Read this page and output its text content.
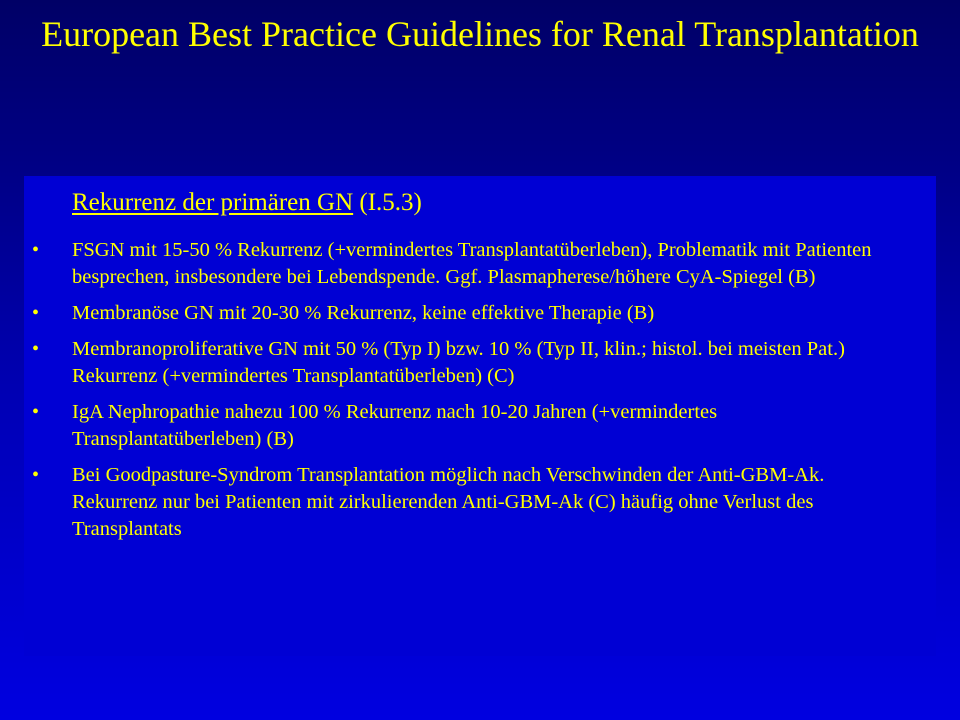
European Best Practice Guidelines for Renal Transplantation

Rekurrenz der primären GN (I.5.3)

•	FSGN mit 15-50 % Rekurrenz (+vermindertes Transplantatüberleben), Problematik mit Patienten besprechen, insbesondere bei Lebendspende. Ggf. Plasmapherese/höhere CyA-Spiegel (B)
•	Membranöse GN mit 20-30 % Rekurrenz, keine effektive Therapie (B)
•	Membranoproliferative GN mit 50 % (Typ I) bzw. 10 % (Typ II, klin.; histol. bei meisten Pat.) Rekurrenz (+vermindertes Transplantatüberleben) (C)
•	IgA Nephropathie nahezu 100 % Rekurrenz nach 10-20 Jahren (+vermindertes Transplantatüberleben) (B)
•	Bei Goodpasture-Syndrom Transplantation möglich nach Verschwinden der Anti-GBM-Ak. Rekurrenz nur bei Patienten mit zirkulierenden Anti-GBM-Ak (C) häufig ohne Verlust des Transplantats
